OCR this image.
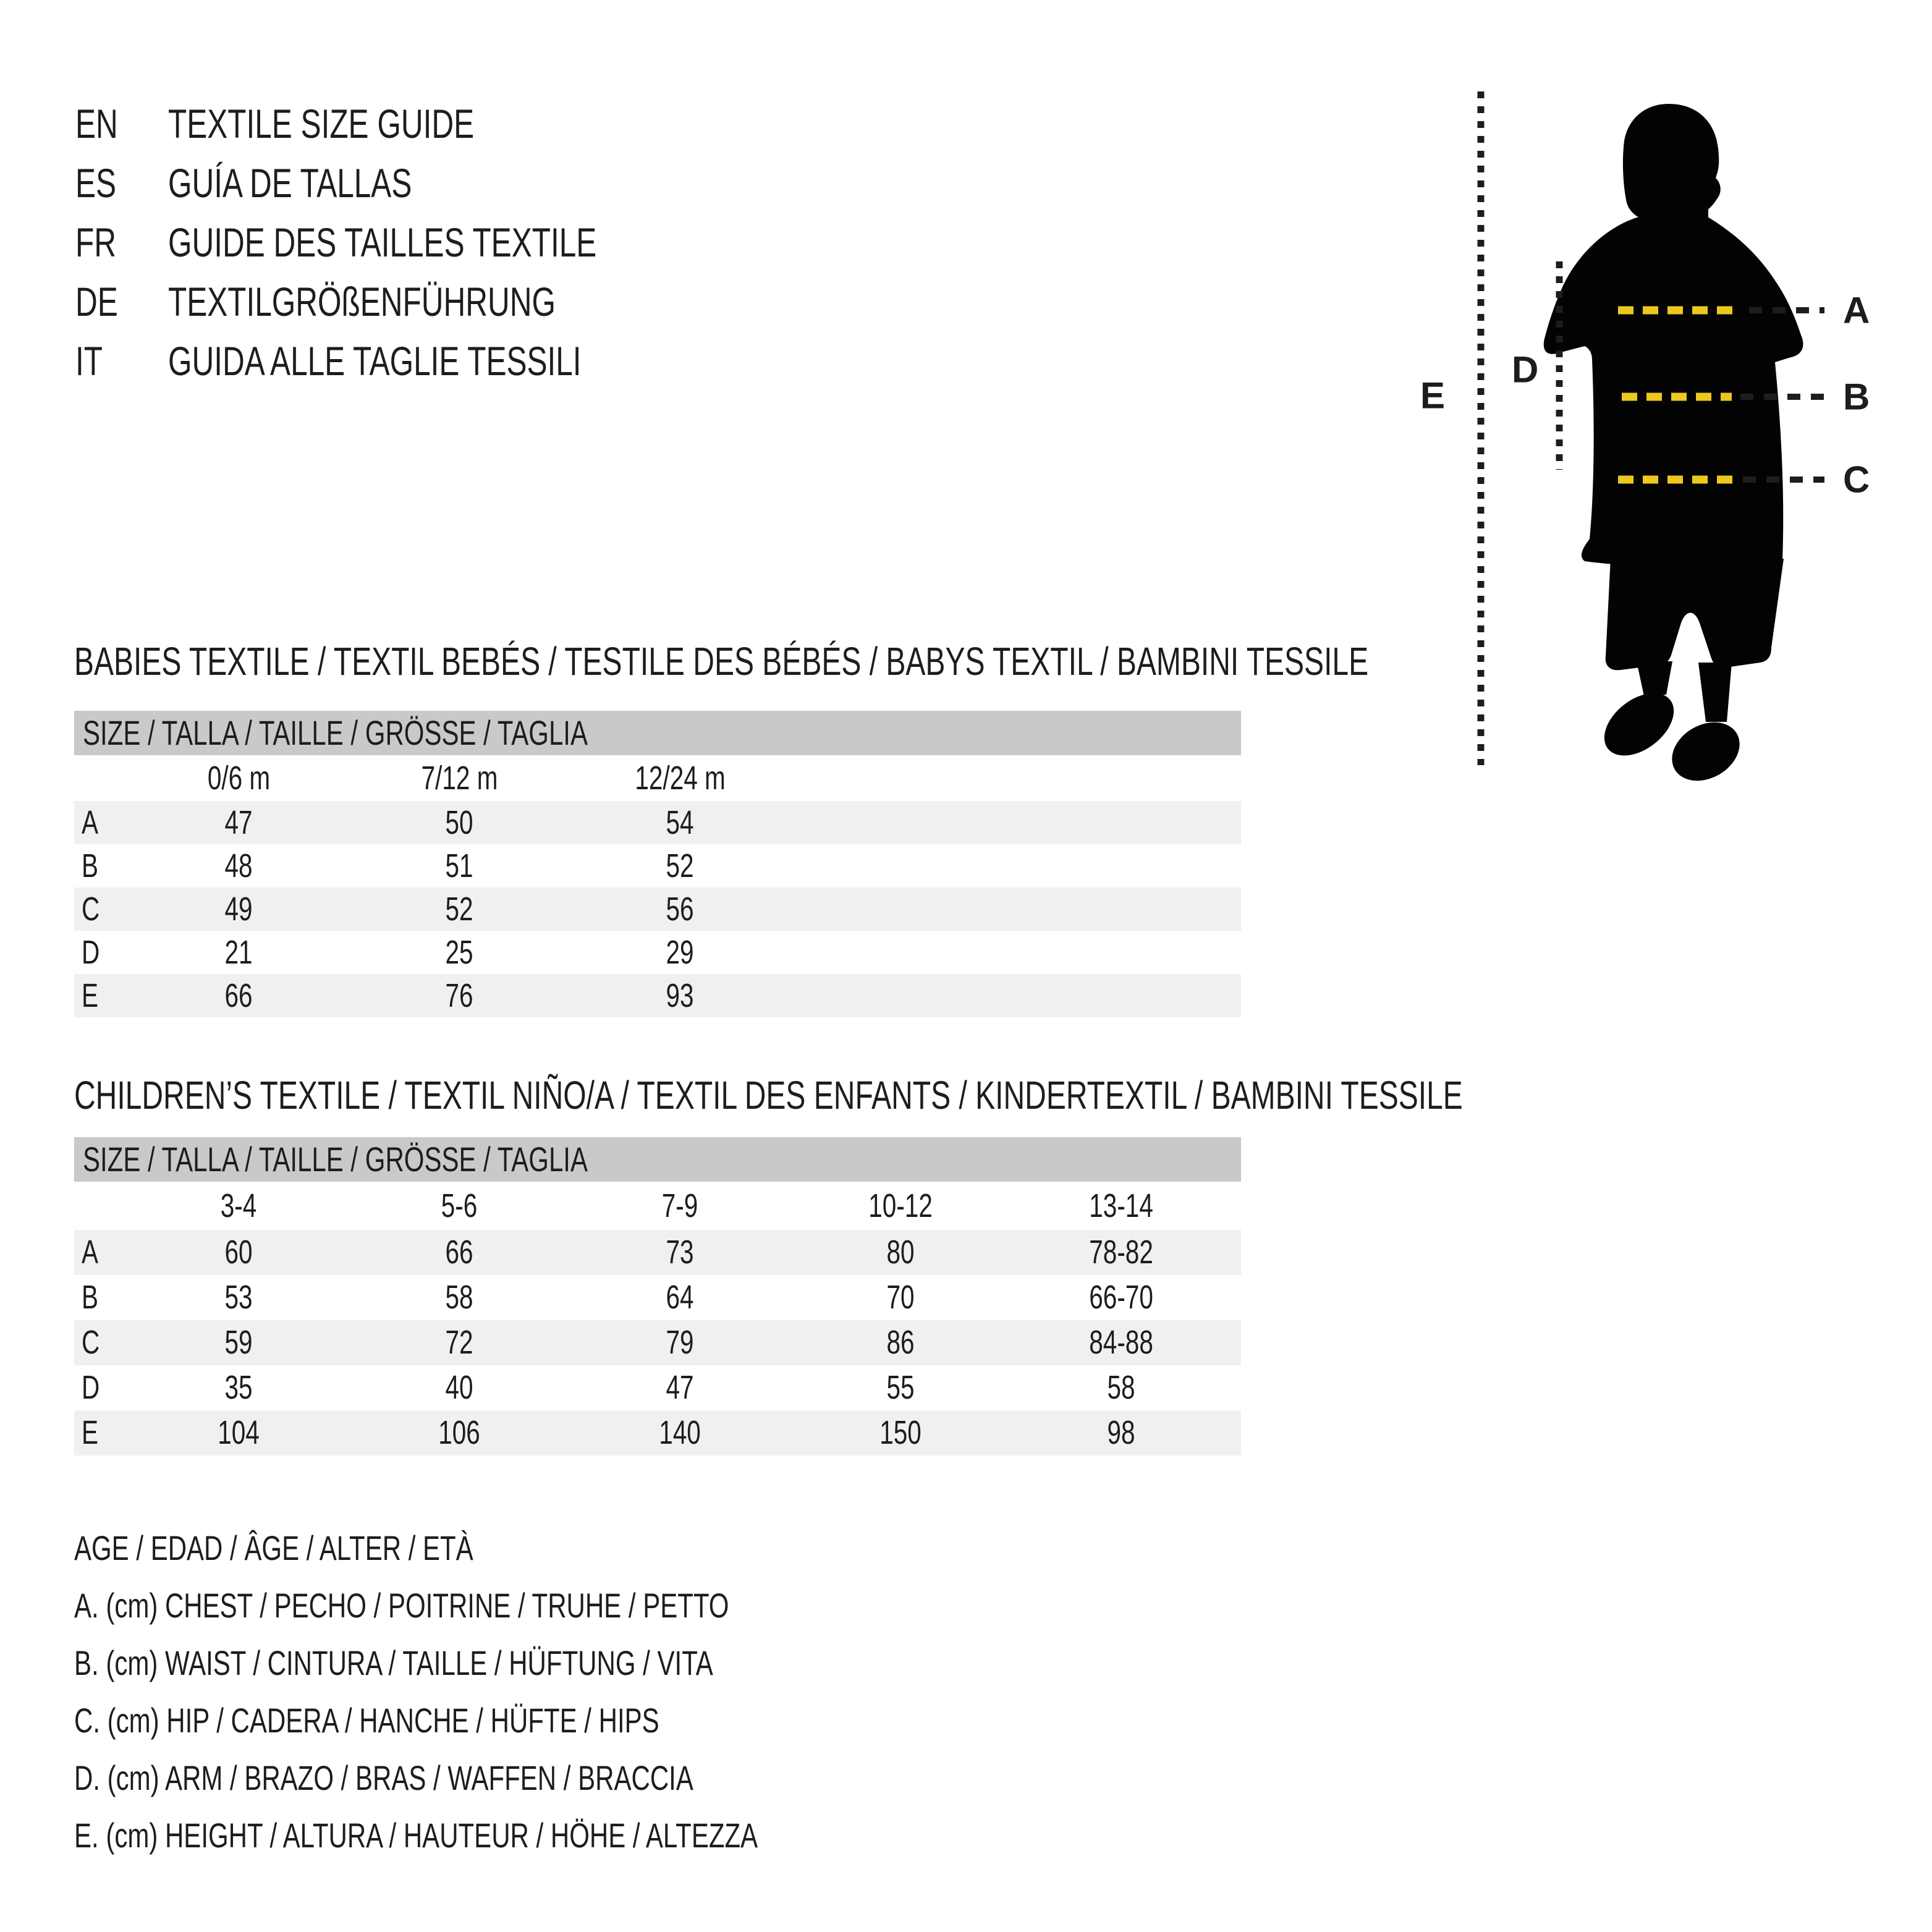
EN	TEXTILE SIZE GUIDE
ES	GUÍA DE TALLAS
FR	GUIDE DES TAILLES TEXTILE
DE	TEXTILGRÖßENFÜHRUNG
IT GUIDA ALLE TAGLIE TESSILI
A
B
C
D
E
BABIES TEXTILE / TEXTIL BEBÉS / TESTILE DES BÉBÉS / BABYS TEXTIL / BAMBINI TESSILE
SIZE / TALLA / TAILLE / GRÖSSE / TAGLIA
0/6 m	7/12 m	12/24 m
A	47	50	54
B	48	51	52
C	49	52	56
D	21	25	29
E	66	76	93
CHILDREN’S TEXTILE / TEXTIL NIÑO/A / TEXTIL DES ENFANTS / KINDERTEXTIL / BAMBINI TESSILE
SIZE / TALLA / TAILLE / GRÖSSE / TAGLIA
3-4	5-6	7-9	10-12	13-14
A	60	66	73	80	78-82
B	53	58	64	70	66-70
C	59	72	79	86	84-88
D	35	40	47	55	58
E	104	106	140	150	98
AGE / EDAD / ÂGE / ALTER / ETÀ
A. (cm) CHEST / PECHO / POITRINE / TRUHE / PETTO
B. (cm) WAIST / CINTURA / TAILLE / HÜFTUNG / VITA
C. (cm) HIP / CADERA / HANCHE / HÜFTE / HIPS
D. (cm) ARM / BRAZO / BRAS / WAFFEN / BRACCIA
E. (cm) HEIGHT / ALTURA / HAUTEUR / HÖHE / ALTEZZA
